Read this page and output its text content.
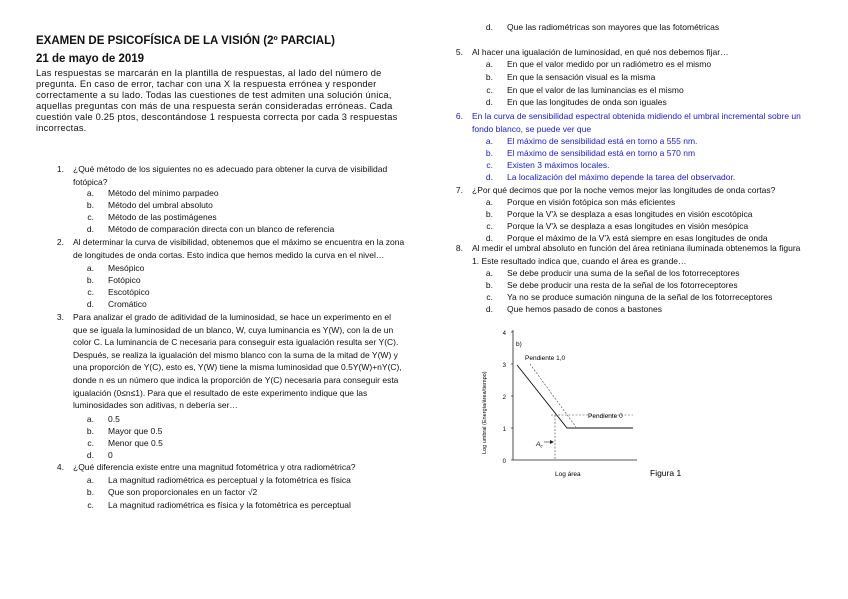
EXAMEN DE PSICOFÍSICA DE LA VISIÓN (2º PARCIAL)
21 de mayo de 2019
Las respuestas se marcarán en la plantilla de respuestas, al lado del número de
pregunta. En caso de error, tachar con una X la respuesta errónea y responder
correctamente a su lado. Todas las cuestiones de test admiten una solución única,
aquellas preguntas con más de una respuesta serán consideradas erróneas. Cada
cuestión vale 0.25 ptos, descontándose 1 respuesta correcta por cada 3 respuestas
incorrectas.
1. ¿Qué método de los siguientes no es adecuado para obtener la curva de visibilidad
fotópica?
a. Método del mínimo parpadeo
b. Método del umbral absoluto
c. Método de las postimágenes
d. Método de comparación directa con un blanco de referencia
2. Al determinar la curva de visibilidad, obtenemos que el máximo se encuentra en la zona
de longitudes de onda cortas. Esto indica que hemos medido la curva en el nivel…
a. Mesópico
b. Fotópico
c. Escotópico
d. Cromático
3. Para analizar el grado de aditividad de la luminosidad, se hace un experimento en el
que se iguala la luminosidad de un blanco, W, cuya luminancia es Y(W), con la de un
color C. La luminancia de C necesaria para conseguir esta igualación resulta ser Y(C).
Después, se realiza la igualación del mismo blanco con la suma de la mitad de Y(W) y
una proporción de Y(C), esto es, Y(W) tiene la misma luminosidad que 0.5Y(W)+nY(C),
donde n es un número que indica la proporción de Y(C) necesaria para conseguir esta
igualación (0≤n≤1). Para que el resultado de este experimento indique que las
luminosidades son aditivas, n debería ser…
a. 0.5
b. Mayor que 0.5
c. Menor que 0.5
d. 0
4. ¿Qué diferencia existe entre una magnitud fotométrica y otra radiométrica?
a. La magnitud radiométrica es perceptual y la fotométrica es física
b. Que son proporcionales en un factor √2
c. La magnitud radiométrica es física y la fotométrica es perceptual
d. Que las radiométricas son mayores que las fotométricas
5. Al hacer una igualación de luminosidad, en qué nos debemos fijar…
a. En que el valor medido por un radiómetro es el mismo
b. En que la sensación visual es la misma
c. En que el valor de las luminancias es el mismo
d. En que las longitudes de onda son iguales
6. En la curva de sensibilidad espectral obtenida midiendo el umbral incremental sobre un
fondo blanco, se puede ver que
a. El máximo de sensibilidad está en torno a 555 nm.
b. El máximo de sensibilidad está en torno a 570 nm
c. Existen 3 máximos locales.
d. La localización del máximo depende la tarea del observador.
7. ¿Por qué decimos que por la noche vemos mejor las longitudes de onda cortas?
a. Porque en visión fotópica son más eficientes
b. Porque la V'λ se desplaza a esas longitudes en visión escotópica
c. Porque la V'λ se desplaza a esas longitudes en visión mesópica
d. Porque el máximo de la V'λ está siempre en esas longitudes de onda
8. Al medir el umbral absoluto en función del área retiniana iluminada obtenemos la figura
1. Este resultado indica que, cuando el área es grande…
a. Se debe producir una suma de la señal de los fotorreceptores
b. Se debe producir una resta de la señal de los fotorreceptores
c. Ya no se produce sumación ninguna de la señal de los fotorreceptores
d. Que hemos pasado de conos a bastones
4
3
2
1
0
Log umbral (Energía/área/tiempo)
b)
Pendiente 1,0
Pendiente 0
$A_c$
Log área	Figura 1
